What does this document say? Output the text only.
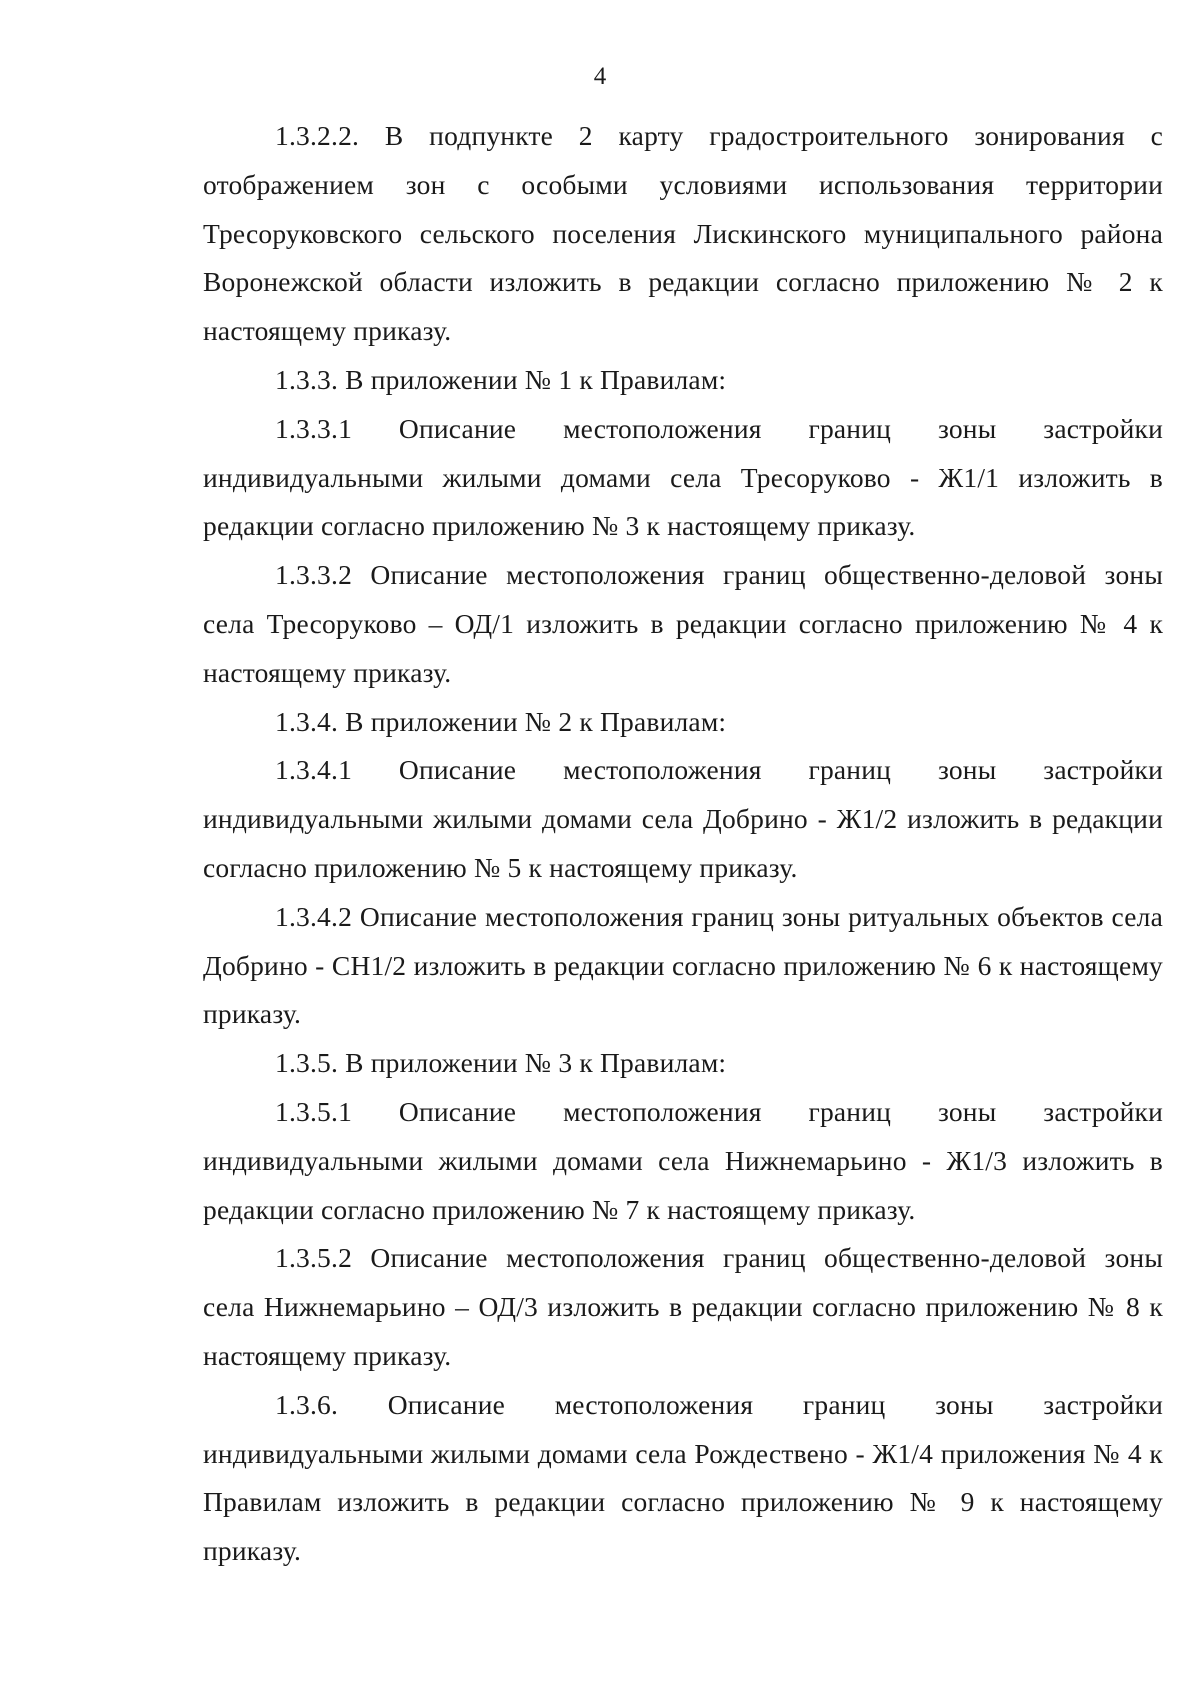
4

1.3.2.2. В подпункте 2 карту градостроительного зонирования с отображением зон с особыми условиями использования территории Тресоруковского сельского поселения Лискинского муниципального района Воронежской области изложить в редакции согласно приложению № 2 к настоящему приказу.

1.3.3. В приложении № 1 к Правилам:

1.3.3.1 Описание местоположения границ зоны застройки индивидуальными жилыми домами села Тресоруково - Ж1/1 изложить в редакции согласно приложению № 3 к настоящему приказу.

1.3.3.2 Описание местоположения границ общественно-деловой зоны села Тресоруково – ОД/1 изложить в редакции согласно приложению № 4 к настоящему приказу.

1.3.4. В приложении № 2 к Правилам:

1.3.4.1 Описание местоположения границ зоны застройки индивидуальными жилыми домами села Добрино - Ж1/2 изложить в редакции согласно приложению № 5 к настоящему приказу.

1.3.4.2 Описание местоположения границ зоны ритуальных объектов села Добрино - СН1/2 изложить в редакции согласно приложению № 6 к настоящему приказу.

1.3.5. В приложении № 3 к Правилам:

1.3.5.1 Описание местоположения границ зоны застройки индивидуальными жилыми домами села Нижнемарьино - Ж1/3 изложить в редакции согласно приложению № 7 к настоящему приказу.

1.3.5.2 Описание местоположения границ общественно-деловой зоны села Нижнемарьино – ОД/3 изложить в редакции согласно приложению № 8 к настоящему приказу.

1.3.6. Описание местоположения границ зоны застройки индивидуальными жилыми домами села Рождествено - Ж1/4 приложения № 4 к Правилам изложить в редакции согласно приложению № 9 к настоящему приказу.
